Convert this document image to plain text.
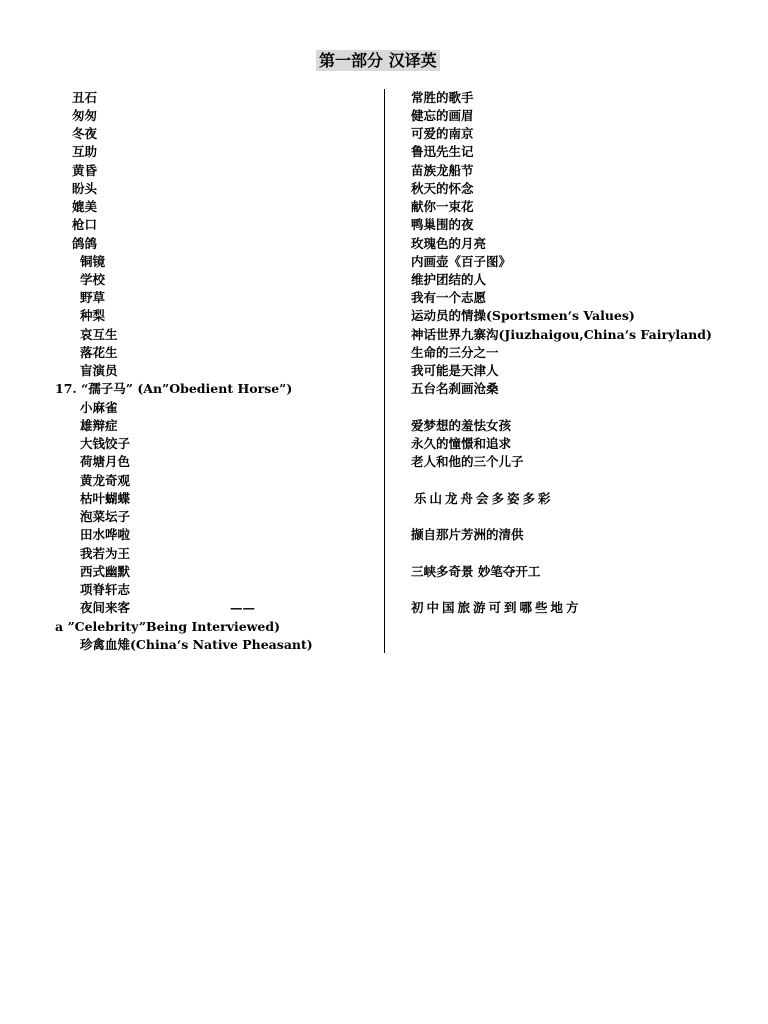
第一部分 汉译英

丑石

匆匆

冬夜

互助

黄昏

盼头

媲美

枪口

鸽鸽

铜镜

学校

野草

种梨

哀互生

落花生

盲演员

17. “孺子马” (An”Obedient Horse”)

小麻雀

雄辩症

大钱饺子

荷塘月色

黄龙奇观

枯叶蝴蝶

泡菜坛子

田水哗啦

我若为王

西式幽默

项脊轩志

夜间来客	——

a ”Celebrity”Being Interviewed)

珍禽血雉(China‘s Native Pheasant)

常胜的歌手

健忘的画眉

可爱的南京

鲁迅先生记

苗族龙船节

秋天的怀念

献你一束花

鸭巢围的夜

玫瑰色的月亮

内画壶《百子图》

维护团结的人

我有一个志愿

运动员的情操(Sportsmen‘s Values)

神话世界九寨沟(Jiuzhaigou,China‘s Fairyland)

生命的三分之一

我可能是天津人

五台名刹画沧桑

爱梦想的羞怯女孩

永久的憧憬和追求

老人和他的三个儿子

乐山龙舟会多姿多彩

撷自那片芳洲的清供

三峡多奇景 妙笔夺开工

初中国旅游可到哪些地方
